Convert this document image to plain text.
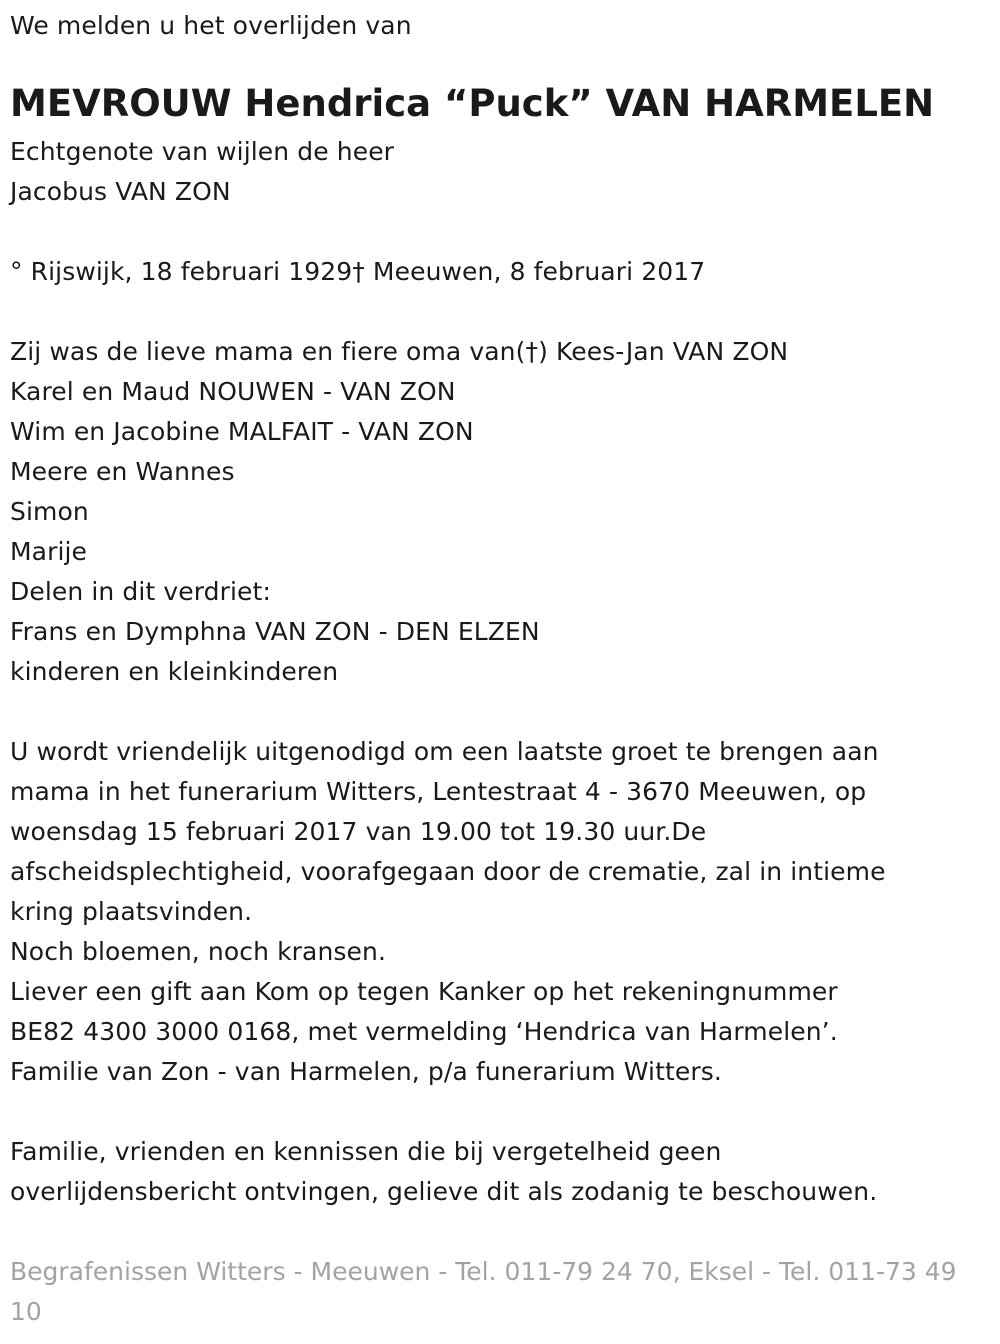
We melden u het overlijden van
MEVROUW Hendrica “Puck” VAN HARMELEN
Echtgenote van wijlen de heer
Jacobus VAN ZON
° Rijswijk, 18 februari 1929† Meeuwen, 8 februari 2017
Zij was de lieve mama en fiere oma van(†) Kees-Jan VAN ZON
Karel en Maud NOUWEN - VAN ZON
Wim en Jacobine MALFAIT - VAN ZON
Meere en Wannes
Simon
Marije
Delen in dit verdriet:
Frans en Dymphna VAN ZON - DEN ELZEN
kinderen en kleinkinderen
U wordt vriendelijk uitgenodigd om een laatste groet te brengen aan
mama in het funerarium Witters, Lentestraat 4 - 3670 Meeuwen, op
woensdag 15 februari 2017 van 19.00 tot 19.30 uur.De
afscheidsplechtigheid, voorafgegaan door de crematie, zal in intieme
kring plaatsvinden.
Noch bloemen, noch kransen.
Liever een gift aan Kom op tegen Kanker op het rekeningnummer
BE82 4300 3000 0168, met vermelding ‘Hendrica van Harmelen’.
Familie van Zon - van Harmelen, p/a funerarium Witters.
Familie, vrienden en kennissen die bij vergetelheid geen
overlijdensbericht ontvingen, gelieve dit als zodanig te beschouwen.
Begrafenissen Witters - Meeuwen - Tel. 011-79 24 70, Eksel - Tel. 011-73 49 10
